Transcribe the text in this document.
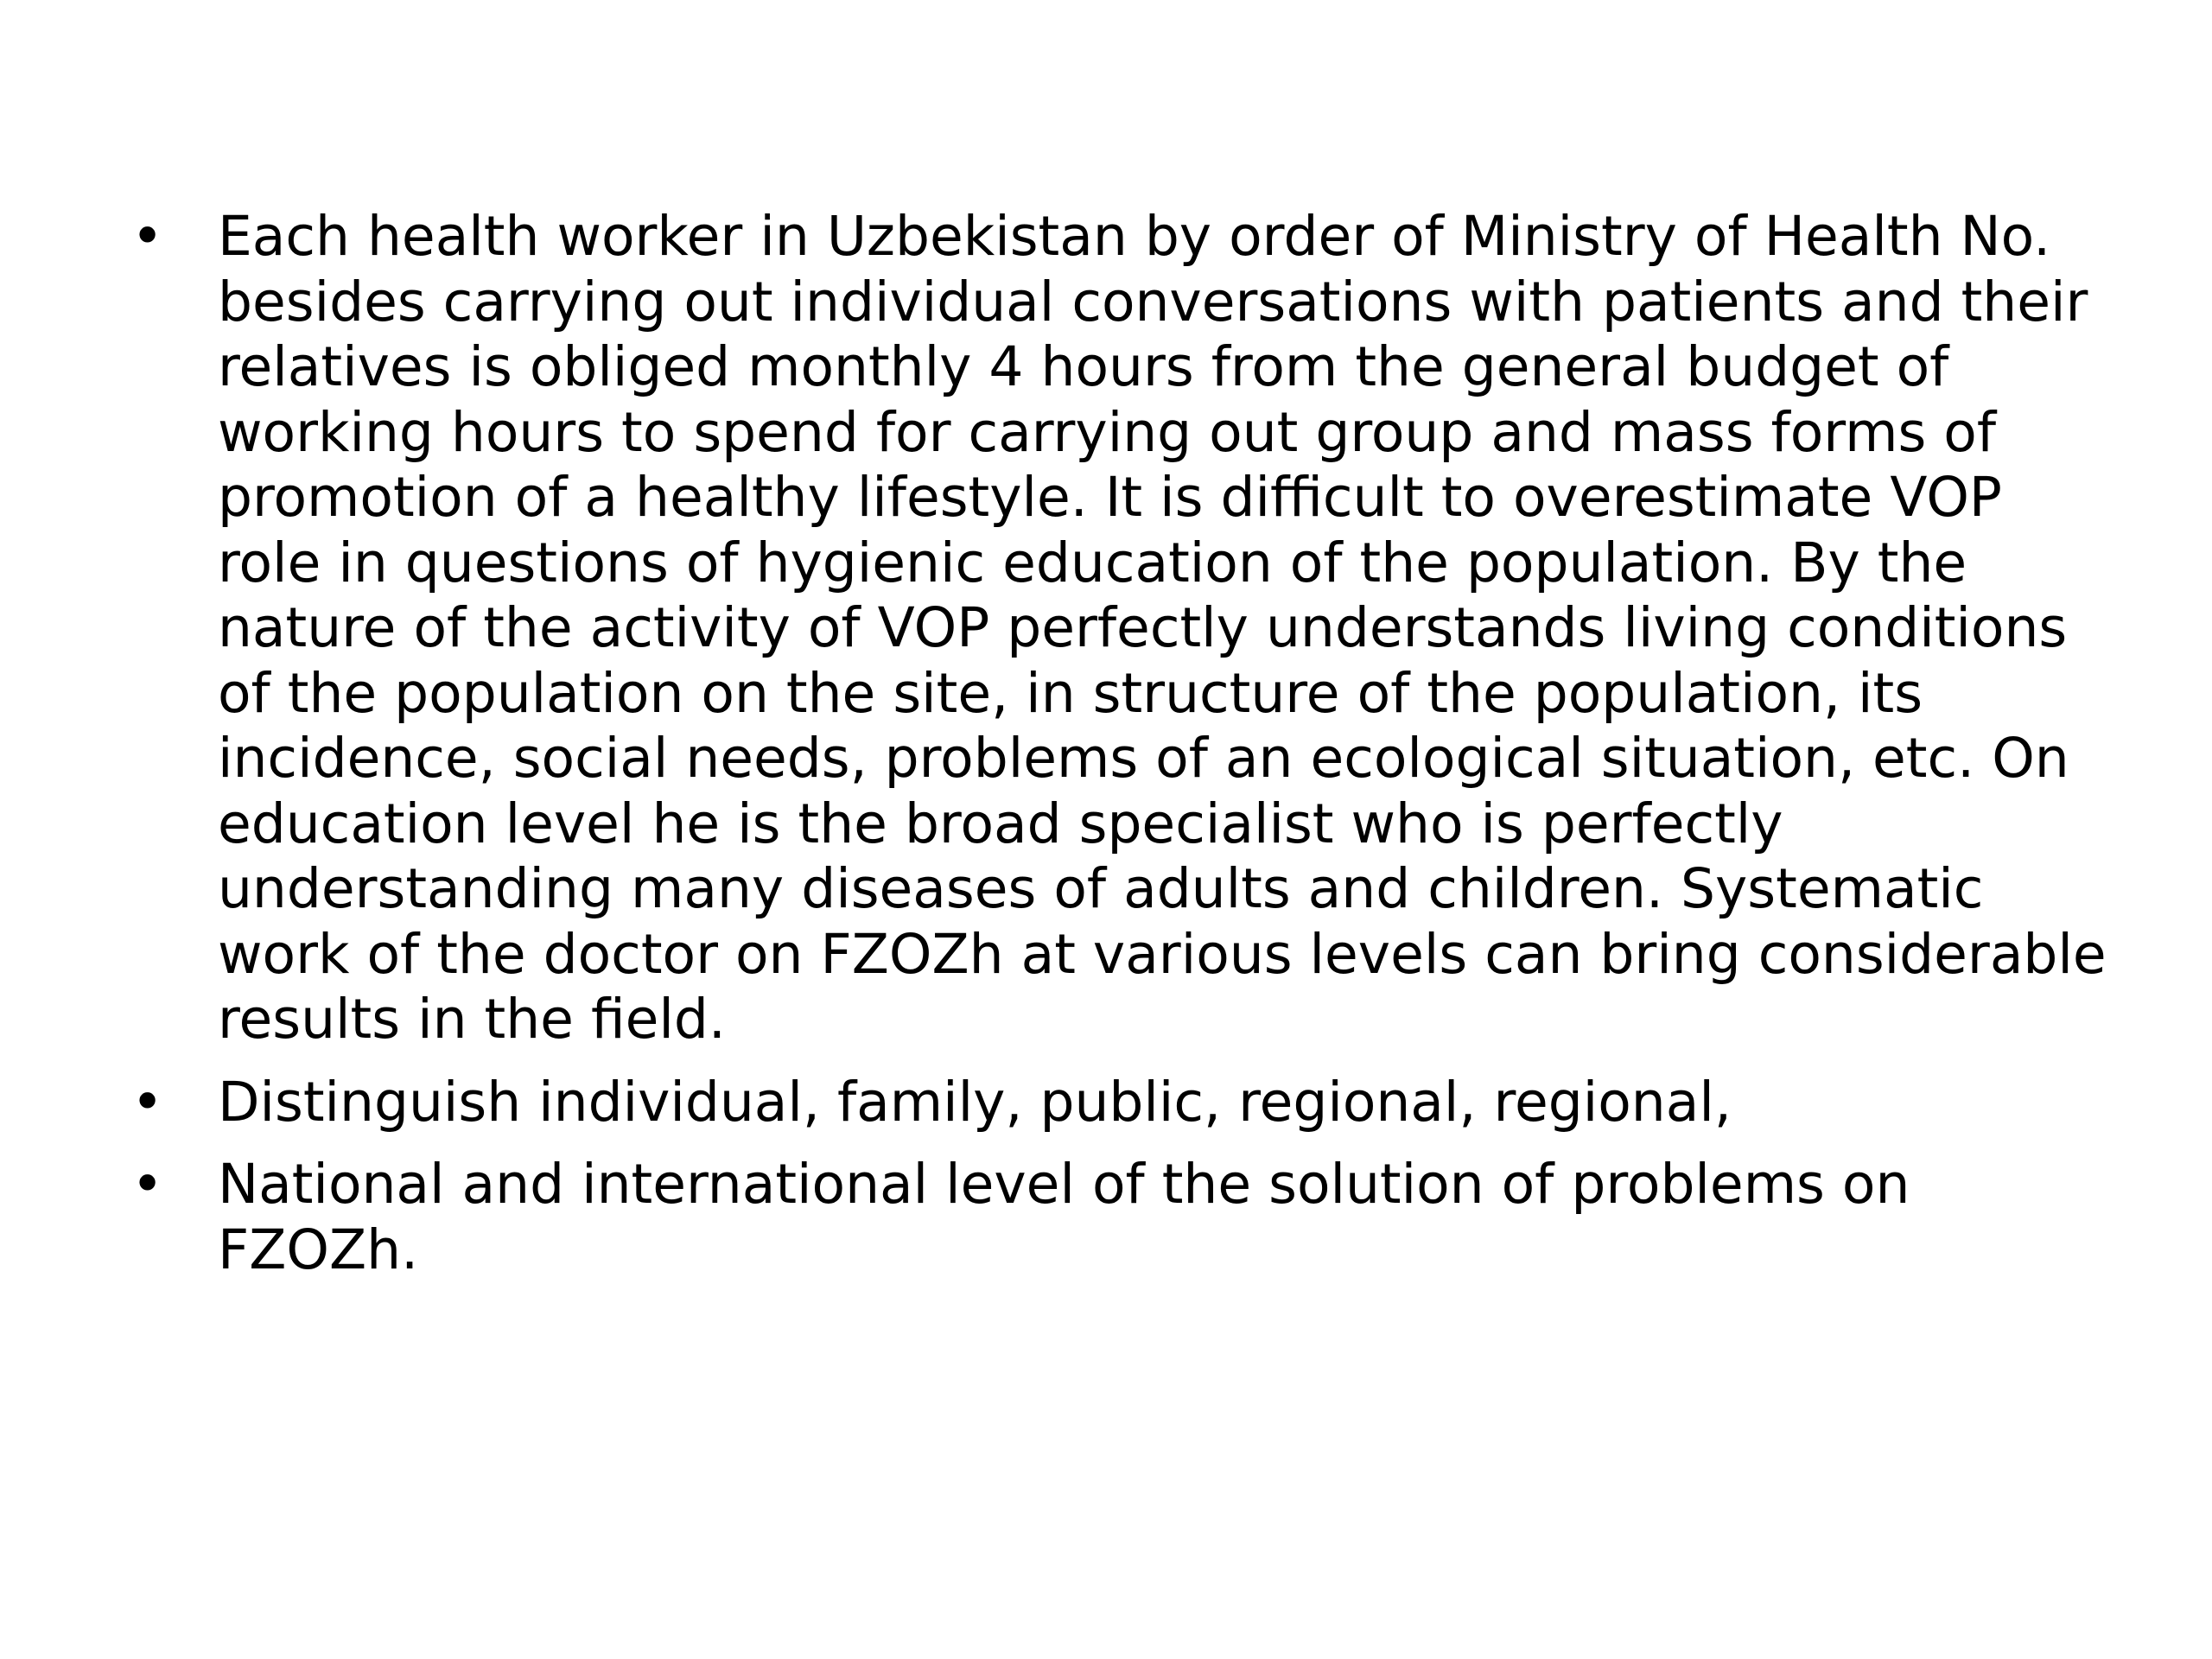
• Each health worker in Uzbekistan by order of Ministry of Health No. besides carrying out individual conversations with patients and their relatives is obliged monthly 4 hours from the general budget of working hours to spend for carrying out group and mass forms of promotion of a healthy lifestyle. It is difficult to overestimate VOP role in questions of hygienic education of the population. By the nature of the activity of VOP perfectly understands living conditions of the population on the site, in structure of the population, its incidence, social needs, problems of an ecological situation, etc. On education level he is the broad specialist who is perfectly understanding many diseases of adults and children. Systematic work of the doctor on FZOZh at various levels can bring considerable results in the field.
• Distinguish individual, family, public, regional, regional,
• National and international level of the solution of problems on FZOZh.
